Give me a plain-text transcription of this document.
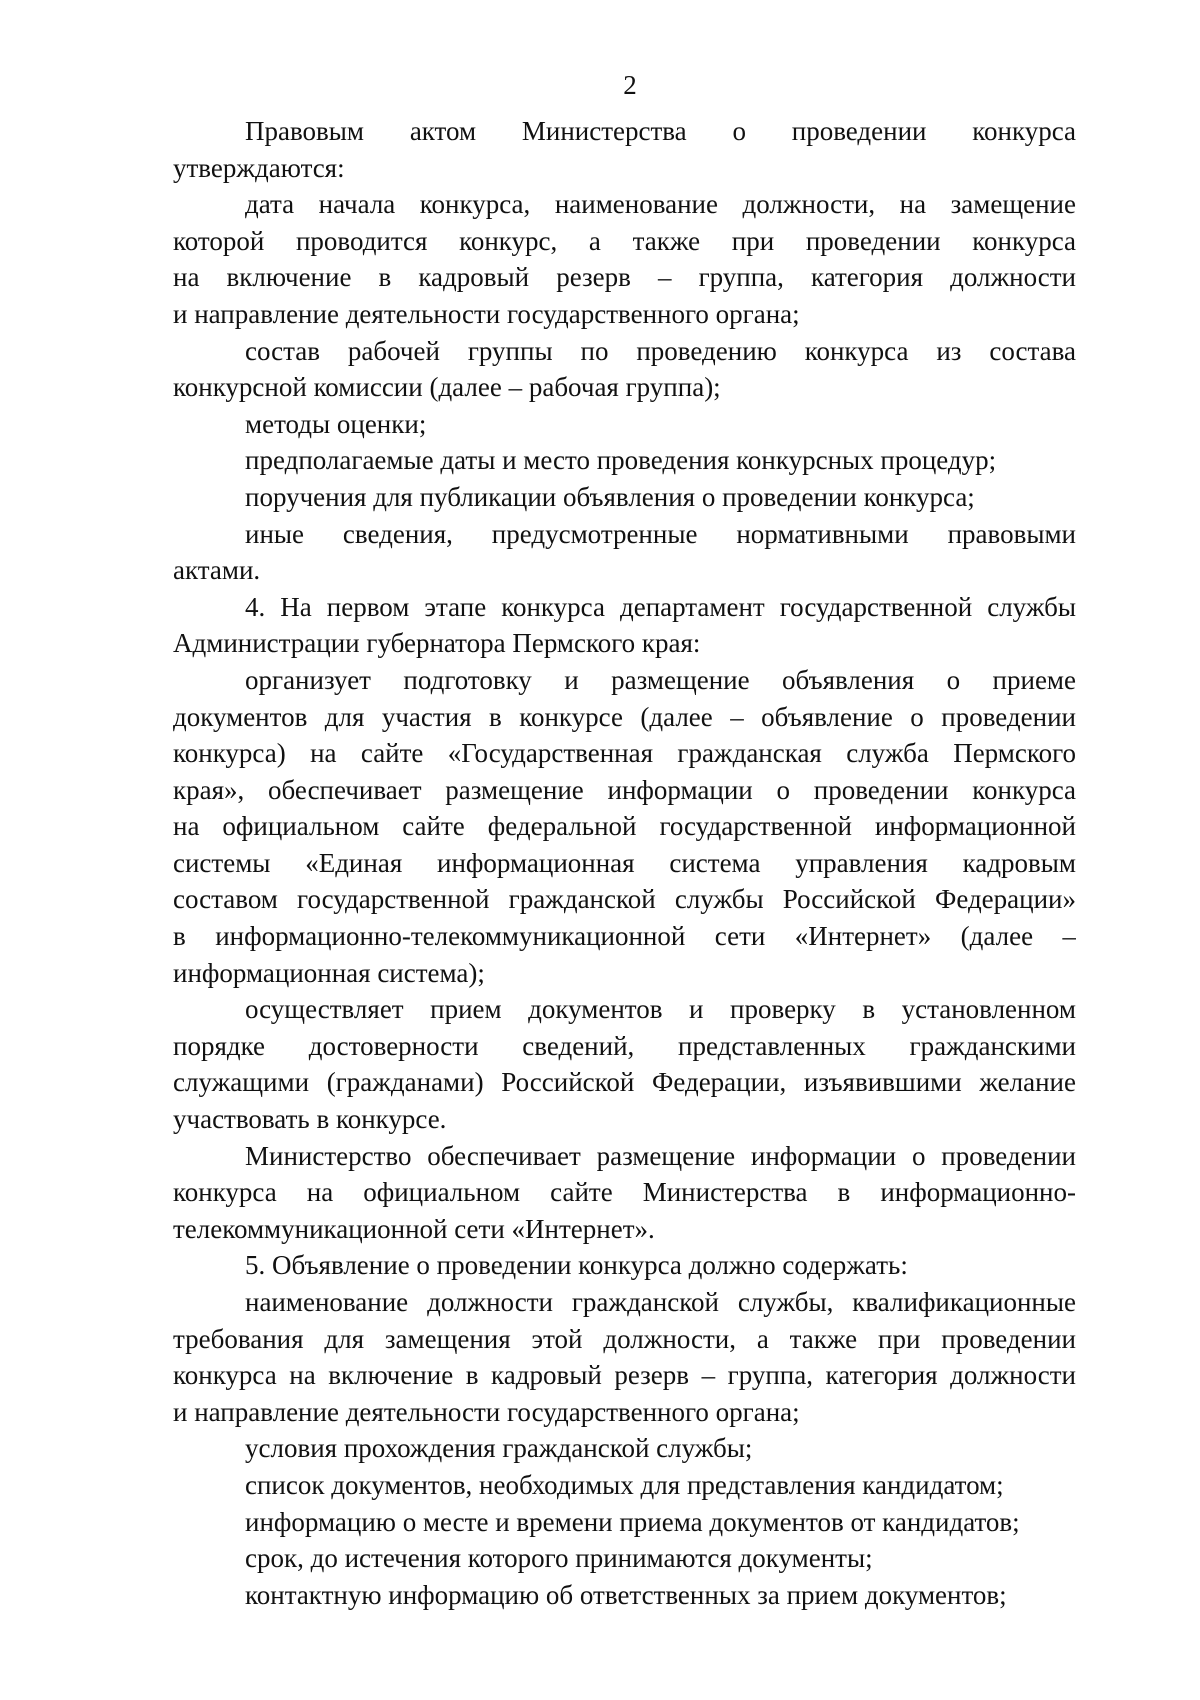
2
Правовым актом Министерства о проведении конкурса
утверждаются:
дата начала конкурса, наименование должности, на замещение
которой проводится конкурс, а также при проведении конкурса
на включение в кадровый резерв – группа, категория должности
и направление деятельности государственного органа;
состав рабочей группы по проведению конкурса из состава
конкурсной комиссии (далее – рабочая группа);
методы оценки;
предполагаемые даты и место проведения конкурсных процедур;
поручения для публикации объявления о проведении конкурса;
иные сведения, предусмотренные нормативными правовыми
актами.
4. На первом этапе конкурса департамент государственной службы
Администрации губернатора Пермского края:
организует подготовку и размещение объявления о приеме
документов для участия в конкурсе (далее – объявление о проведении
конкурса) на сайте «Государственная гражданская служба Пермского
края», обеспечивает размещение информации о проведении конкурса
на официальном сайте федеральной государственной информационной
системы «Единая информационная система управления кадровым
составом государственной гражданской службы Российской Федерации»
в информационно-телекоммуникационной сети «Интернет» (далее –
информационная система);
осуществляет прием документов и проверку в установленном
порядке достоверности сведений, представленных гражданскими
служащими (гражданами) Российской Федерации, изъявившими желание
участвовать в конкурсе.
Министерство обеспечивает размещение информации о проведении
конкурса на официальном сайте Министерства в информационно-
телекоммуникационной сети «Интернет».
5. Объявление о проведении конкурса должно содержать:
наименование должности гражданской службы, квалификационные
требования для замещения этой должности, а также при проведении
конкурса на включение в кадровый резерв – группа, категория должности
и направление деятельности государственного органа;
условия прохождения гражданской службы;
список документов, необходимых для представления кандидатом;
информацию о месте и времени приема документов от кандидатов;
срок, до истечения которого принимаются документы;
контактную информацию об ответственных за прием документов;
